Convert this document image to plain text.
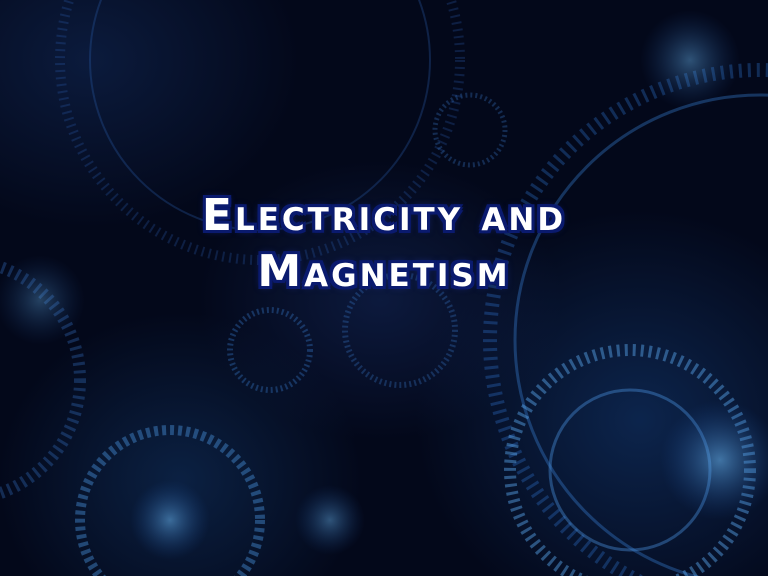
Electricity and
Magnetism
